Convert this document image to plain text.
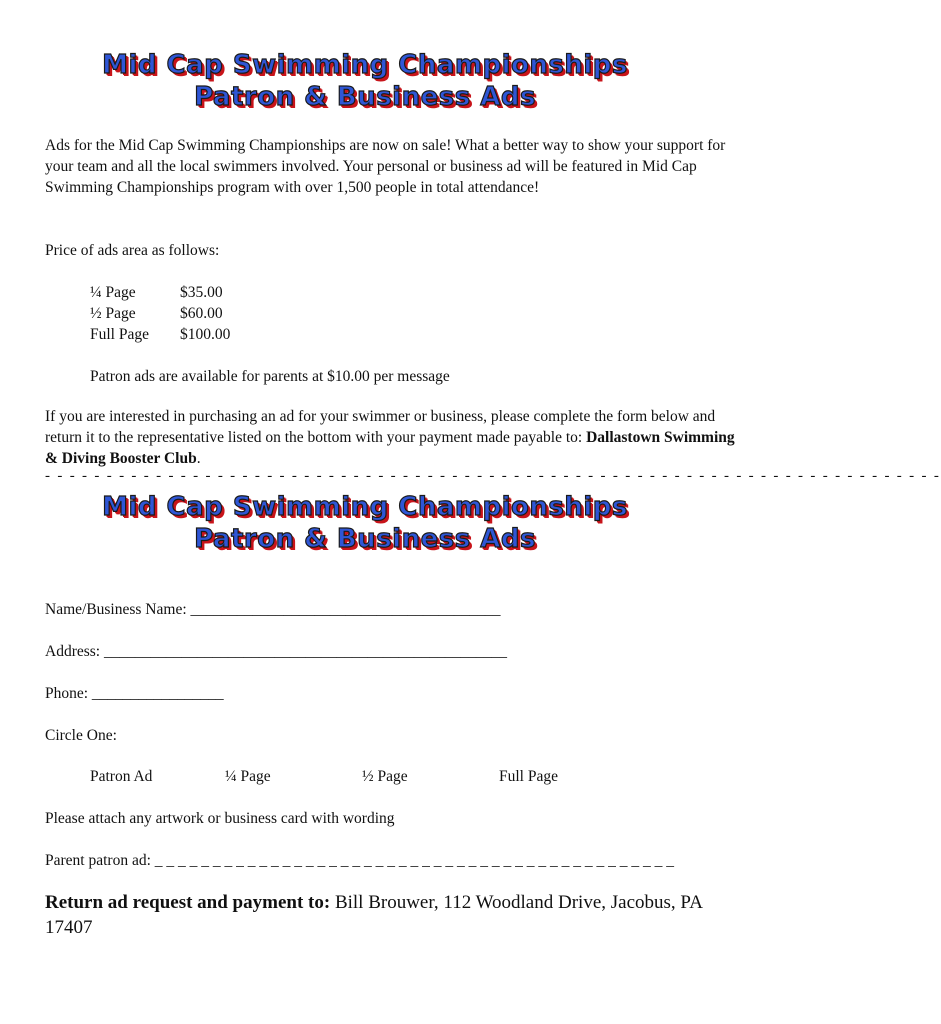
Mid Cap Swimming Championships
Patron & Business Ads

Ads for the Mid Cap Swimming Championships are now on sale! What a better way to show your support for your team and all the local swimmers involved. Your personal or business ad will be featured in Mid Cap Swimming Championships program with over 1,500 people in total attendance!

Price of ads area as follows:

¼ Page	$35.00
½ Page	$60.00
Full Page	$100.00

Patron ads are available for parents at $10.00 per message

If you are interested in purchasing an ad for your swimmer or business, please complete the form below and return it to the representative listed on the bottom with your payment made payable to: Dallastown Swimming & Diving Booster Club.

- - - - - - - - - - - - - - - - - - - - - - - - - - - - - - - - - - - - - - - - - - - - - - - - - - - - - - - - - - - - - - - - - - - - - - - - -
Mid Cap Swimming Championships
Patron & Business Ads
Name/Business Name: ________________________________________
Address: ____________________________________________________
Phone: _________________
Circle One:
Patron Ad	¼ Page	½ Page	Full Page
Please attach any artwork or business card with wording
Parent patron ad: _ _ _ _ _ _ _ _ _ _ _ _ _ _ _ _ _ _ _ _ _ _ _ _ _ _ _ _ _ _ _ _ _ _ _ _ _ _ _ _ _ _ _ _ _

Return ad request and payment to: Bill Brouwer, 112 Woodland Drive, Jacobus, PA 17407
